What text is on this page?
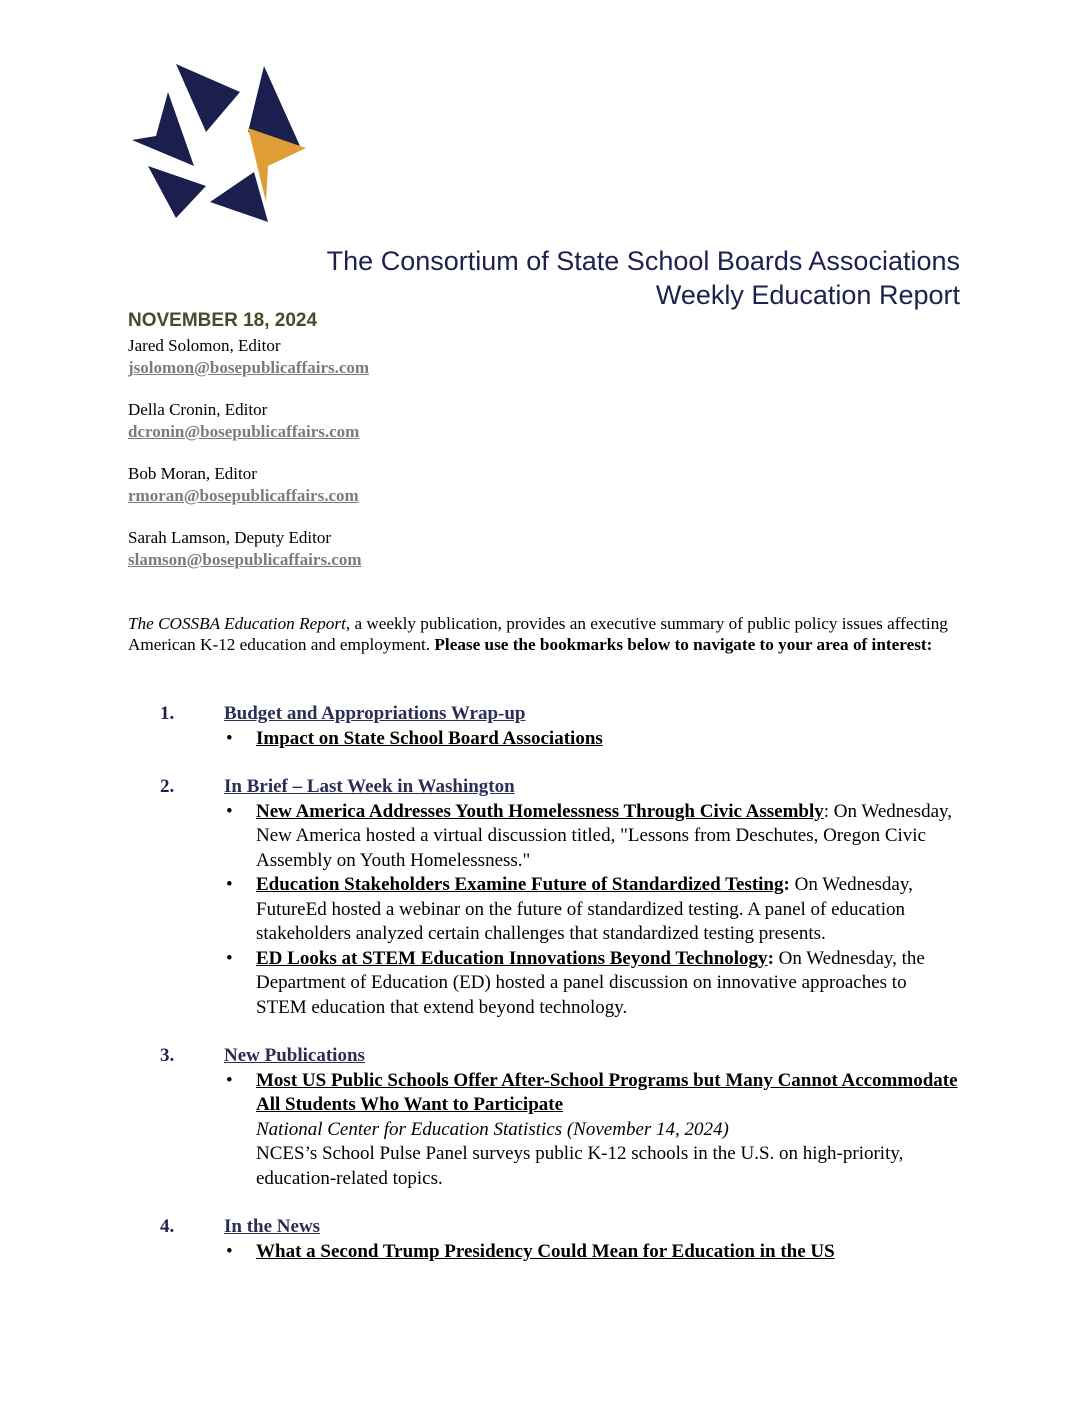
The Consortium of State School Boards Associations
Weekly Education Report
NOVEMBER 18, 2024
Jared Solomon, Editor
jsolomon@bosepublicaffairs.com
Della Cronin, Editor
dcronin@bosepublicaffairs.com
Bob Moran, Editor
rmoran@bosepublicaffairs.com
Sarah Lamson, Deputy Editor
slamson@bosepublicaffairs.com
The COSSBA Education Report, a weekly publication, provides an executive summary of public policy issues affecting American K-12 education and employment. Please use the bookmarks below to navigate to your area of interest:
1.	Budget and Appropriations Wrap-up
• Impact on State School Board Associations
2.	In Brief – Last Week in Washington
• New America Addresses Youth Homelessness Through Civic Assembly: On Wednesday, New America hosted a virtual discussion titled, "Lessons from Deschutes, Oregon Civic Assembly on Youth Homelessness."
• Education Stakeholders Examine Future of Standardized Testing: On Wednesday, FutureEd hosted a webinar on the future of standardized testing. A panel of education stakeholders analyzed certain challenges that standardized testing presents.
• ED Looks at STEM Education Innovations Beyond Technology: On Wednesday, the Department of Education (ED) hosted a panel discussion on innovative approaches to STEM education that extend beyond technology.
3.	New Publications
• Most US Public Schools Offer After-School Programs but Many Cannot Accommodate All Students Who Want to Participate
National Center for Education Statistics (November 14, 2024)
NCES’s School Pulse Panel surveys public K-12 schools in the U.S. on high-priority, education-related topics.
4.	In the News
• What a Second Trump Presidency Could Mean for Education in the US
